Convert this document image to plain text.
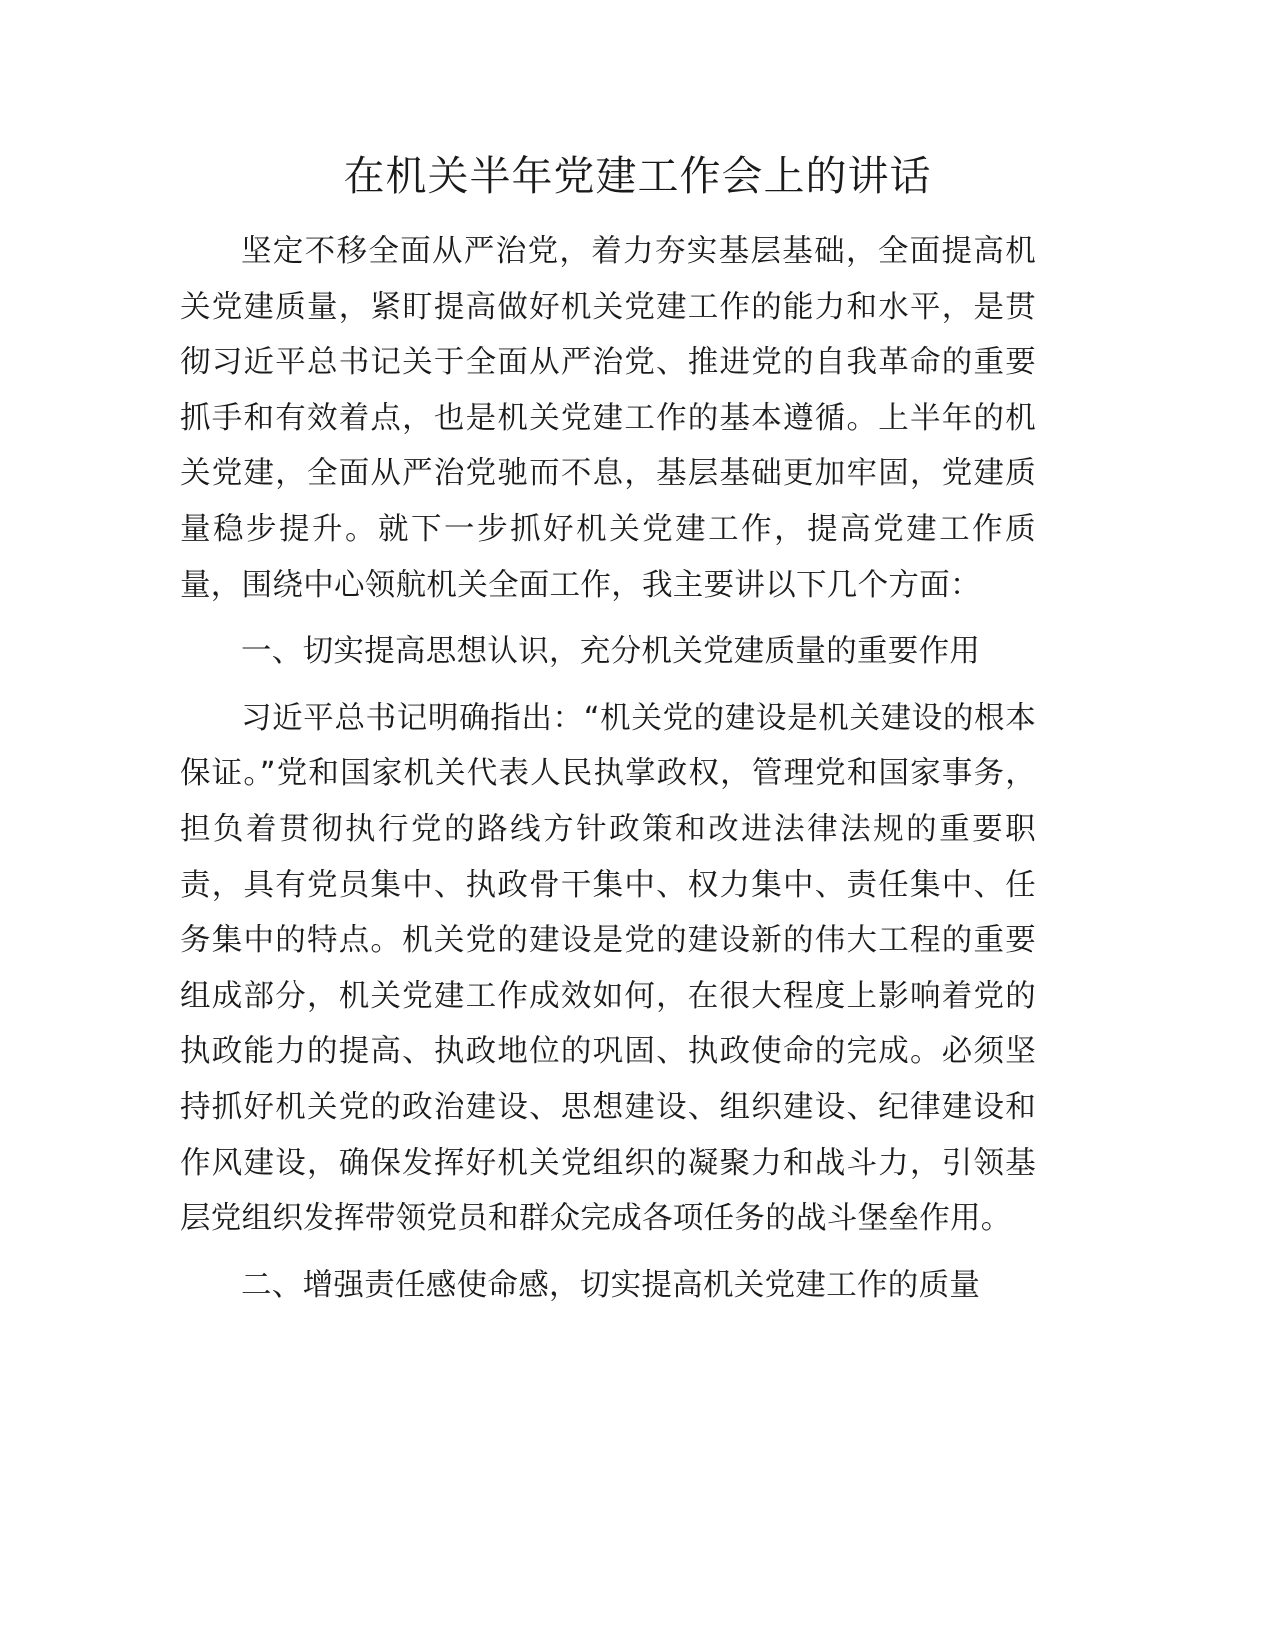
在机关半年党建工作会上的讲话

坚定不移全面从严治党，着力夯实基层基础，全面提高机关党建质量，紧盯提高做好机关党建工作的能力和水平，是贯彻习近平总书记关于全面从严治党、推进党的自我革命的重要抓手和有效着点，也是机关党建工作的基本遵循。上半年的机关党建，全面从严治党驰而不息，基层基础更加牢固，党建质量稳步提升。就下一步抓好机关党建工作，提高党建工作质量，围绕中心领航机关全面工作，我主要讲以下几个方面：

一、切实提高思想认识，充分机关党建质量的重要作用

习近平总书记明确指出：“机关党的建设是机关建设的根本保证。”党和国家机关代表人民执掌政权，管理党和国家事务，担负着贯彻执行党的路线方针政策和改进法律法规的重要职责，具有党员集中、执政骨干集中、权力集中、责任集中、任务集中的特点。机关党的建设是党的建设新的伟大工程的重要组成部分，机关党建工作成效如何，在很大程度上影响着党的执政能力的提高、执政地位的巩固、执政使命的完成。必须坚持抓好机关党的政治建设、思想建设、组织建设、纪律建设和作风建设，确保发挥好机关党组织的凝聚力和战斗力，引领基层党组织发挥带领党员和群众完成各项任务的战斗堡垒作用。

二、增强责任感使命感，切实提高机关党建工作的质量
